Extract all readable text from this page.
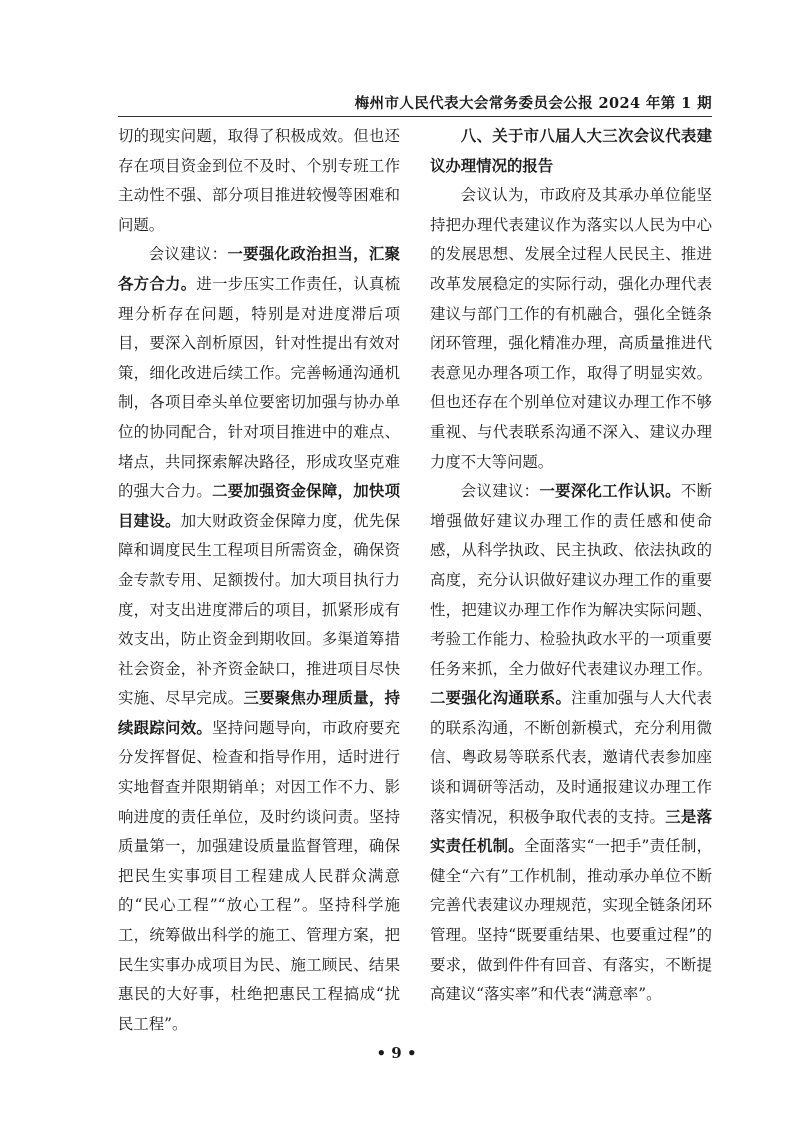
梅州市人民代表大会常务委员会公报 2024 年第 1 期

切的现实问题，取得了积极成效。但也还存在项目资金到位不及时、个别专班工作主动性不强、部分项目推进较慢等困难和问题。

会议建议：一要强化政治担当，汇聚各方合力。进一步压实工作责任，认真梳理分析存在问题，特别是对进度滞后项目，要深入剖析原因，针对性提出有效对策，细化改进后续工作。完善畅通沟通机制，各项目牵头单位要密切加强与协办单位的协同配合，针对项目推进中的难点、堵点，共同探索解决路径，形成攻坚克难的强大合力。二要加强资金保障，加快项目建设。加大财政资金保障力度，优先保障和调度民生工程项目所需资金，确保资金专款专用、足额拨付。加大项目执行力度，对支出进度滞后的项目，抓紧形成有效支出，防止资金到期收回。多渠道筹措社会资金，补齐资金缺口，推进项目尽快实施、尽早完成。三要聚焦办理质量，持续跟踪问效。坚持问题导向，市政府要充分发挥督促、检查和指导作用，适时进行实地督查并限期销单；对因工作不力、影响进度的责任单位，及时约谈问责。坚持质量第一，加强建设质量监督管理，确保把民生实事项目工程建成人民群众满意的“民心工程”“放心工程”。坚持科学施工，统筹做出科学的施工、管理方案，把民生实事办成项目为民、施工顾民、结果惠民的大好事，杜绝把惠民工程搞成“扰民工程”。

八、关于市八届人大三次会议代表建议办理情况的报告

会议认为，市政府及其承办单位能坚持把办理代表建议作为落实以人民为中心的发展思想、发展全过程人民民主、推进改革发展稳定的实际行动，强化办理代表建议与部门工作的有机融合，强化全链条闭环管理，强化精准办理，高质量推进代表意见办理各项工作，取得了明显实效。但也还存在个别单位对建议办理工作不够重视、与代表联系沟通不深入、建议办理力度不大等问题。

会议建议：一要深化工作认识。不断增强做好建议办理工作的责任感和使命感，从科学执政、民主执政、依法执政的高度，充分认识做好建议办理工作的重要性，把建议办理工作作为解决实际问题、考验工作能力、检验执政水平的一项重要任务来抓，全力做好代表建议办理工作。二要强化沟通联系。注重加强与人大代表的联系沟通，不断创新模式，充分利用微信、粤政易等联系代表，邀请代表参加座谈和调研等活动，及时通报建议办理工作落实情况，积极争取代表的支持。三是落实责任机制。全面落实“一把手”责任制，健全“六有”工作机制，推动承办单位不断完善代表建议办理规范，实现全链条闭环管理。坚持“既要重结果、也要重过程”的要求，做到件件有回音、有落实，不断提高建议“落实率”和代表“满意率”。

• 9 •
